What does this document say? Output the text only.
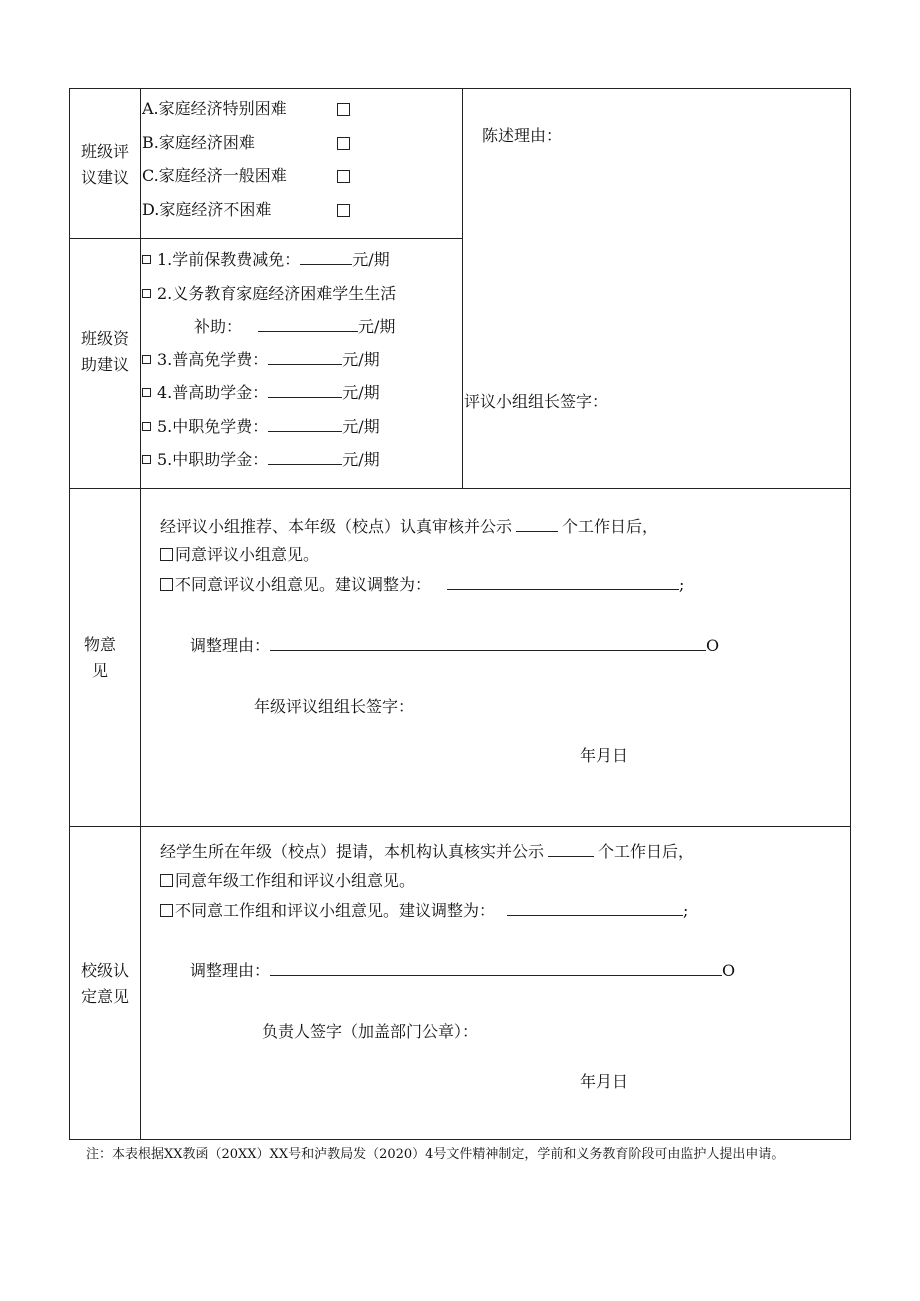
班级评议建议
A.家庭经济特别困难
B.家庭经济困难
C.家庭经济一般困难
D.家庭经济不困难
陈述理由：
评议小组组长签字：
班级资助建议
1.学前保教费减免：	元/期
2.义务教育家庭经济困难学生生活
补助：	元/期
3.普高免学费：	元/期
4.普高助学金：	元/期
5.中职免学费：	元/期
5.中职助学金：	元/期
物意见
经评议小组推荐、本年级（校点）认真审核并公示	个工作日后，
同意评议小组意见。
不同意评议小组意见。建议调整为：	;
调整理由：	O
年级评议组组长签字：
年月日
校级认定意见
经学生所在年级（校点）提请，本机构认真核实并公示	个工作日后，
同意年级工作组和评议小组意见。
不同意工作组和评议小组意见。建议调整为：	;
调整理由：	O
负责人签字（加盖部门公章）：
年月日
注：本表根据XX教函（20XX）XX号和泸教局发（2020）4号文件精神制定，学前和义务教育阶段可由监护人提出申请。
